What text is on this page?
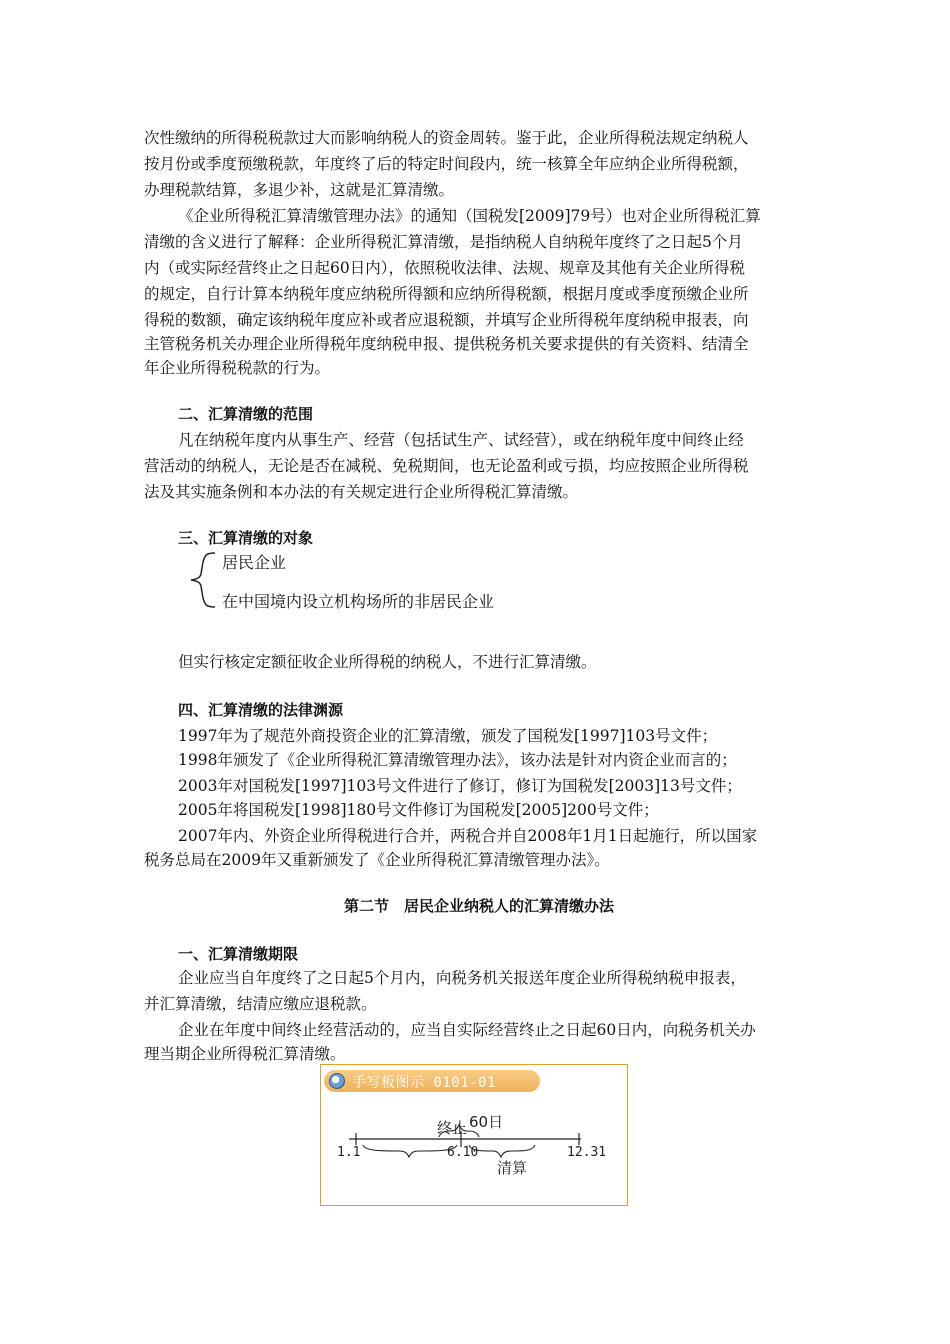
次性缴纳的所得税税款过大而影响纳税人的资金周转。鉴于此，企业所得税法规定纳税人
按月份或季度预缴税款，年度终了后的特定时间段内，统一核算全年应纳企业所得税额，
办理税款结算，多退少补，这就是汇算清缴。
《企业所得税汇算清缴管理办法》的通知（国税发[2009]79号）也对企业所得税汇算
清缴的含义进行了解释：企业所得税汇算清缴，是指纳税人自纳税年度终了之日起5个月
内（或实际经营终止之日起60日内），依照税收法律、法规、规章及其他有关企业所得税
的规定，自行计算本纳税年度应纳税所得额和应纳所得税额，根据月度或季度预缴企业所
得税的数额，确定该纳税年度应补或者应退税额，并填写企业所得税年度纳税申报表，向
主管税务机关办理企业所得税年度纳税申报、提供税务机关要求提供的有关资料、结清全
年企业所得税税款的行为。
二、汇算清缴的范围
凡在纳税年度内从事生产、经营（包括试生产、试经营），或在纳税年度中间终止经
营活动的纳税人，无论是否在减税、免税期间，也无论盈利或亏损，均应按照企业所得税
法及其实施条例和本办法的有关规定进行企业所得税汇算清缴。
三、汇算清缴的对象
居民企业
在中国境内设立机构场所的非居民企业
但实行核定定额征收企业所得税的纳税人，不进行汇算清缴。
四、汇算清缴的法律渊源
1997年为了规范外商投资企业的汇算清缴，颁发了国税发[1997]103号文件；
1998年颁发了《企业所得税汇算清缴管理办法》，该办法是针对内资企业而言的；
2003年对国税发[1997]103号文件进行了修订，修订为国税发[2003]13号文件；
2005年将国税发[1998]180号文件修订为国税发[2005]200号文件；
2007年内、外资企业所得税进行合并，两税合并自2008年1月1日起施行，所以国家
税务总局在2009年又重新颁发了《企业所得税汇算清缴管理办法》。
第二节　居民企业纳税人的汇算清缴办法
一、汇算清缴期限
企业应当自年度终了之日起5个月内，向税务机关报送年度企业所得税纳税申报表，
并汇算清缴，结清应缴应退税款。
企业在年度中间终止经营活动的，应当自实际经营终止之日起60日内，向税务机关办
理当期企业所得税汇算清缴。
手写板图示 0101-01
1.1	6.10	12.31
终止 60日
清算
